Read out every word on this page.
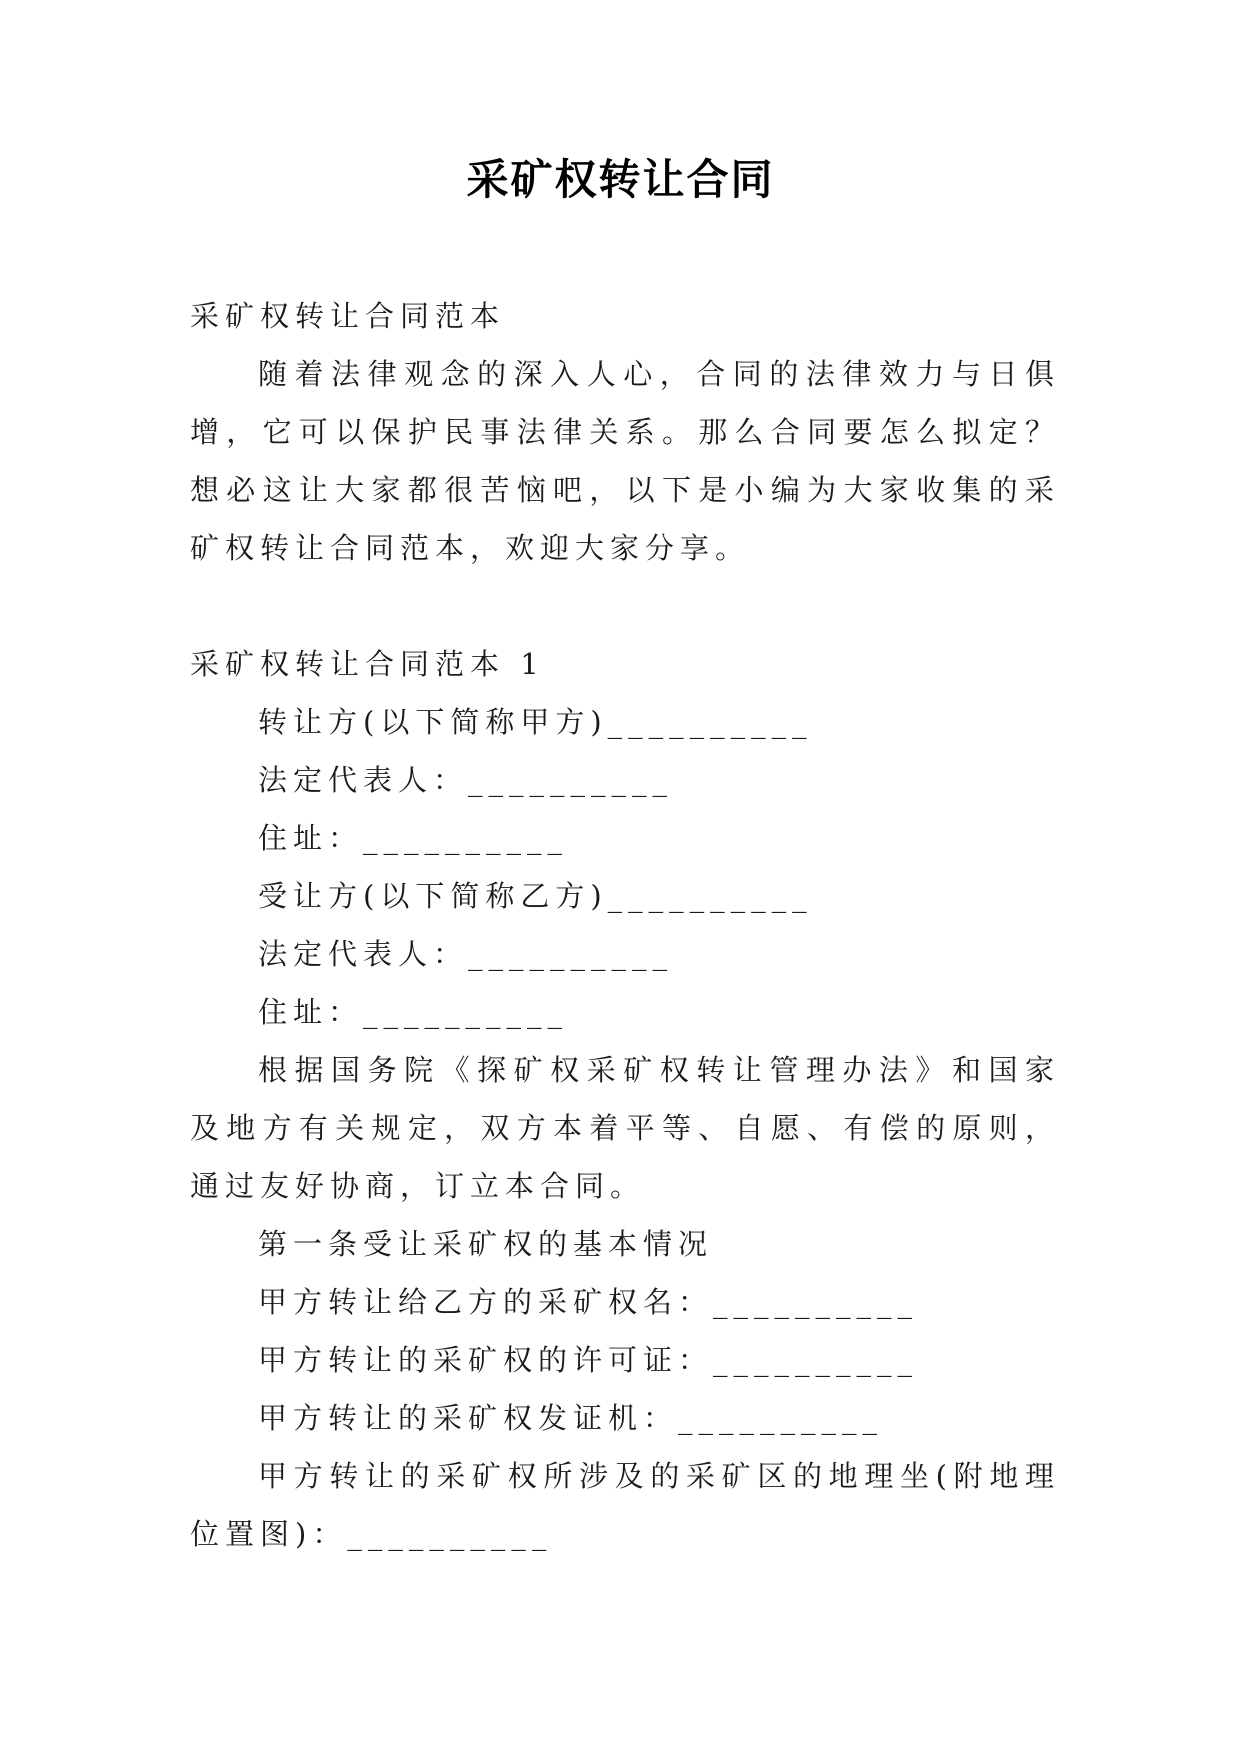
采矿权转让合同

采矿权转让合同范本

随着法律观念的深入人心，合同的法律效力与日俱增，它可以保护民事法律关系。那么合同要怎么拟定？想必这让大家都很苦恼吧，以下是小编为大家收集的采矿权转让合同范本，欢迎大家分享。

采矿权转让合同范本 1

转让方(以下简称甲方)__________

法定代表人：__________

住址：__________

受让方(以下简称乙方)__________

法定代表人：__________

住址：__________

根据国务院《探矿权采矿权转让管理办法》和国家及地方有关规定，双方本着平等、自愿、有偿的原则，通过友好协商，订立本合同。

第一条受让采矿权的基本情况

甲方转让给乙方的采矿权名：__________

甲方转让的采矿权的许可证：__________

甲方转让的采矿权发证机：__________

甲方转让的采矿权所涉及的采矿区的地理坐(附地理位置图)：__________
